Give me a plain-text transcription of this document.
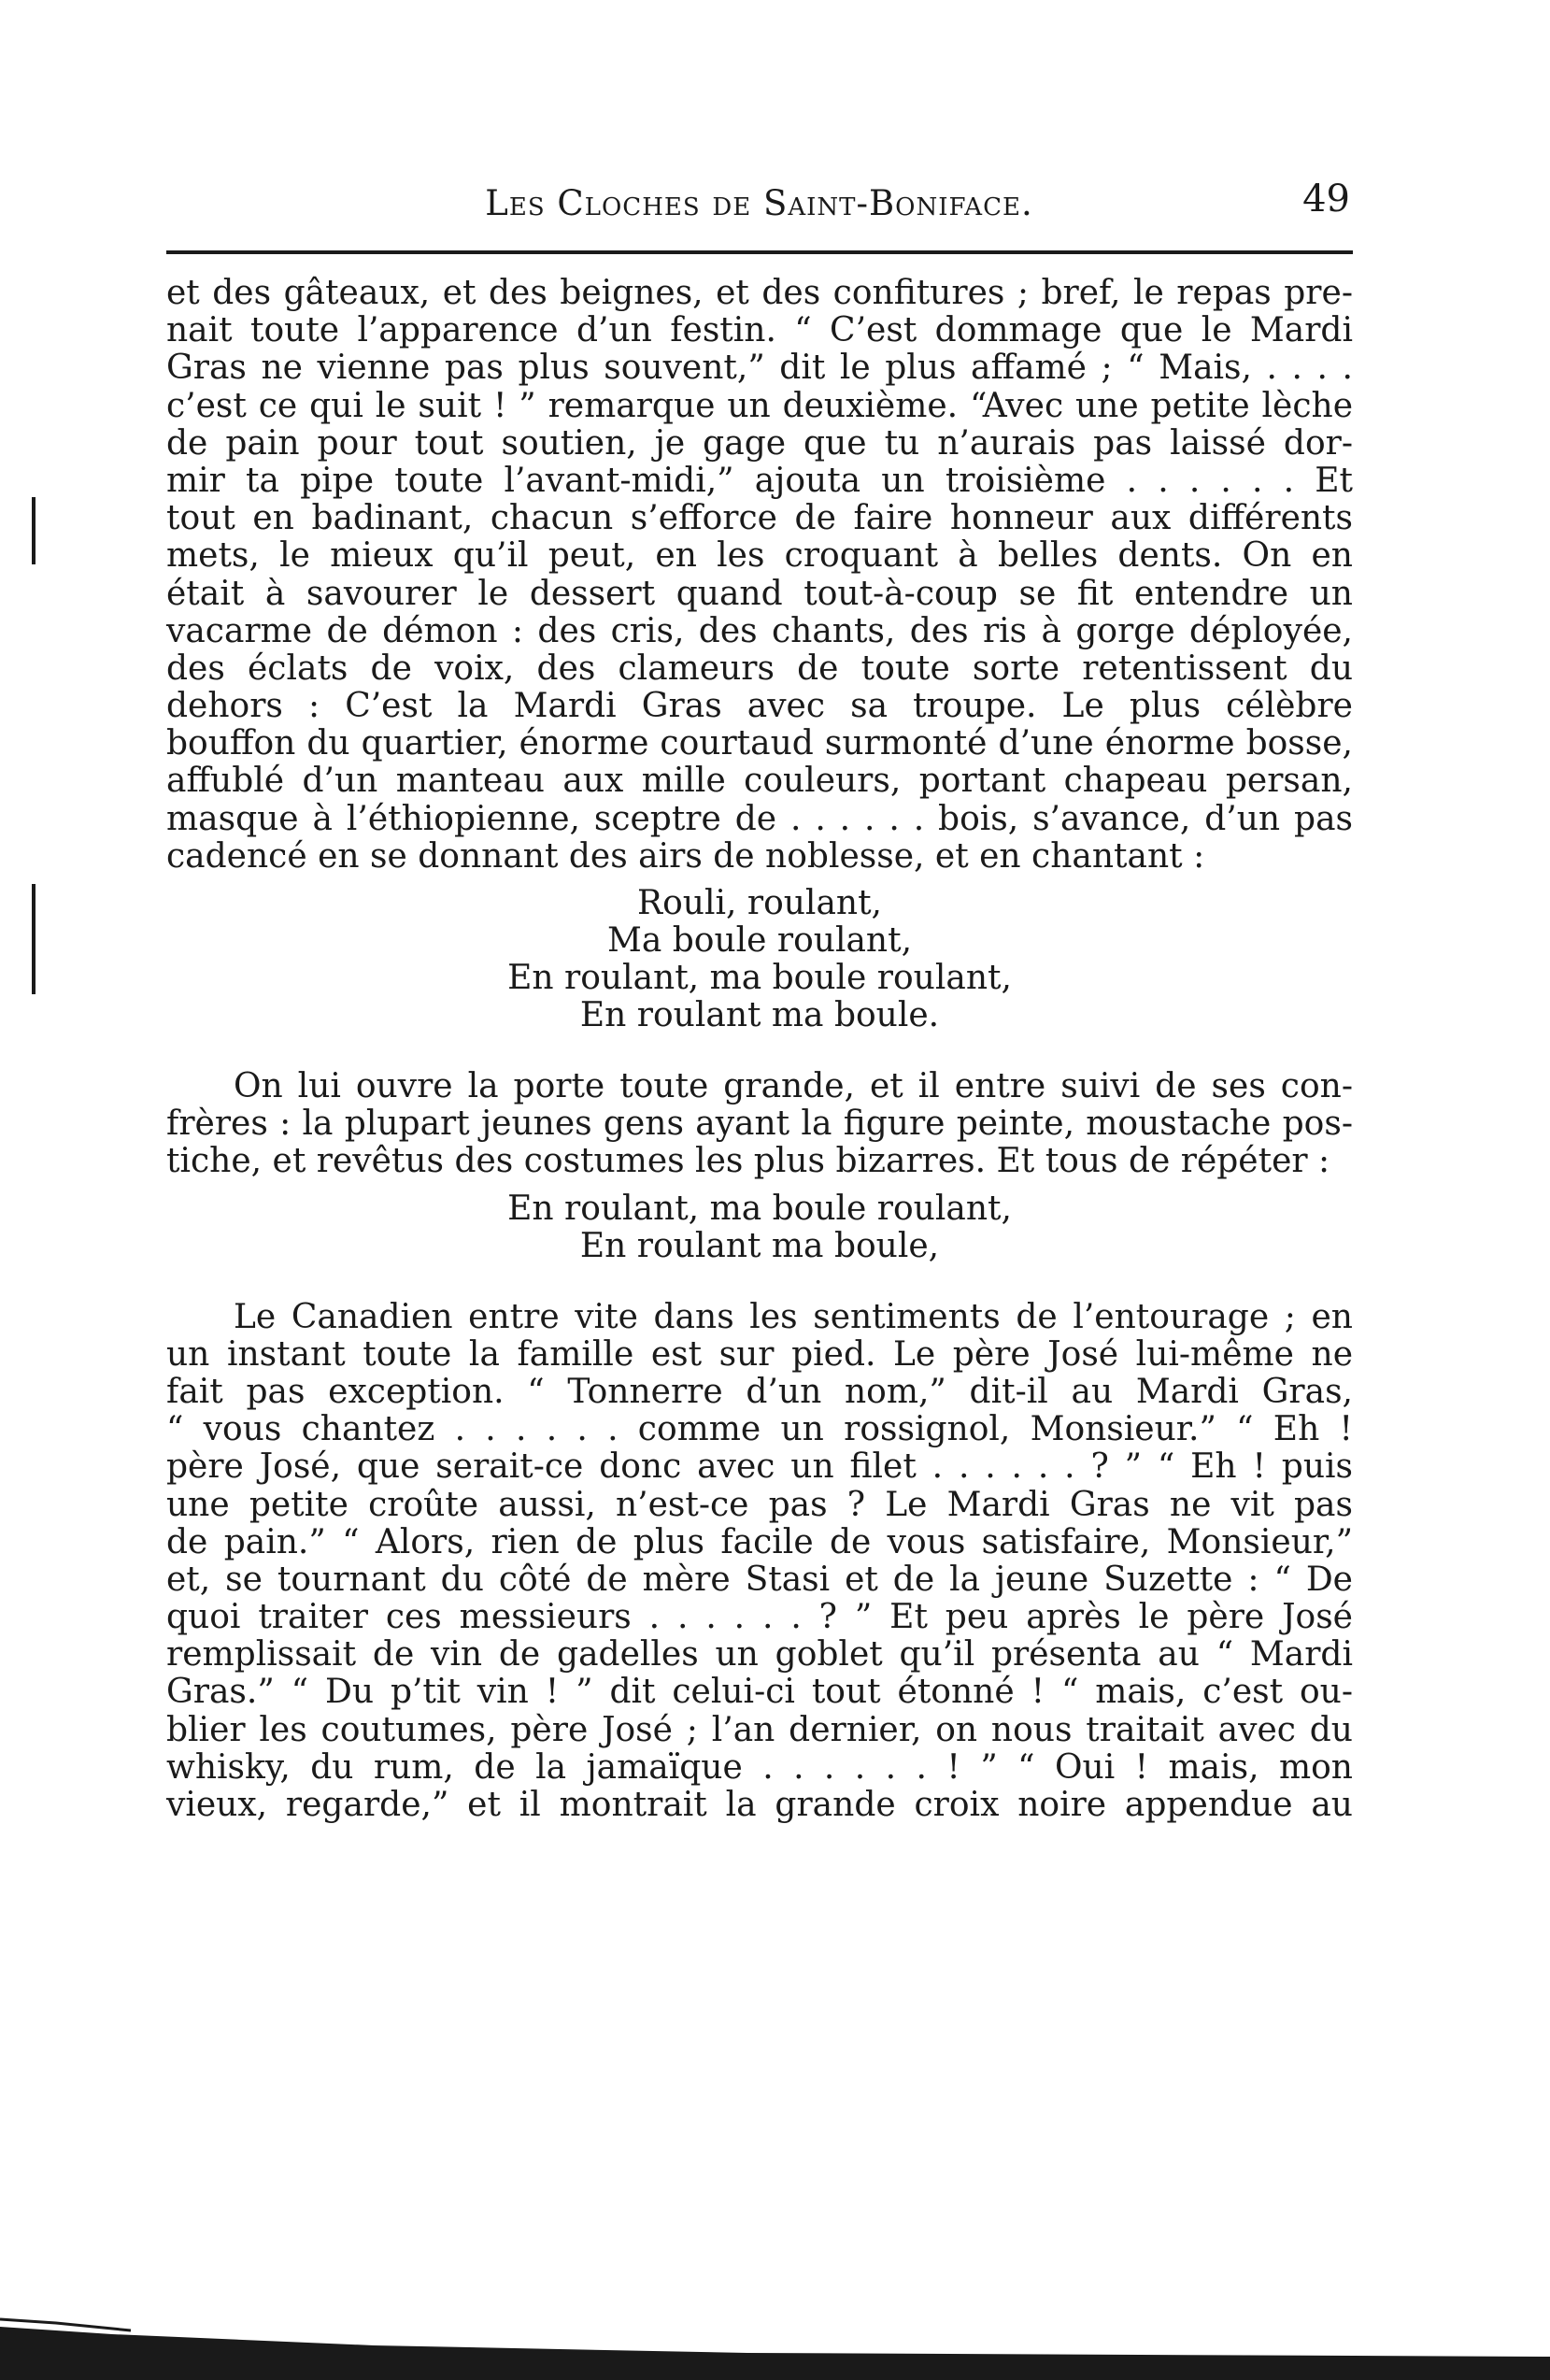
Les Cloches de Saint-Boniface.	49
et des gâteaux, et des beignes, et des confitures ; bref, le repas pre-
nait toute l’apparence d’un festin. “ C’est dommage que le Mardi
Gras ne vienne pas plus souvent,” dit le plus affamé ; “ Mais, . . . .
c’est ce qui le suit ! ” remarque un deuxième. “Avec une petite lèche
de pain pour tout soutien, je gage que tu n’aurais pas laissé dor-
mir ta pipe toute l’avant-midi,” ajouta un troisième . . . . . . Et
tout en badinant, chacun s’efforce de faire honneur aux différents
mets, le mieux qu’il peut, en les croquant à belles dents. On en
était à savourer le dessert quand tout-à-coup se fit entendre un
vacarme de démon : des cris, des chants, des ris à gorge déployée,
des éclats de voix, des clameurs de toute sorte retentissent du
dehors : C’est la Mardi Gras avec sa troupe. Le plus célèbre
bouffon du quartier, énorme courtaud surmonté d’une énorme bosse,
affublé d’un manteau aux mille couleurs, portant chapeau persan,
masque à l’éthiopienne, sceptre de . . . . . . bois, s’avance, d’un pas
cadencé en se donnant des airs de noblesse, et en chantant :
Rouli, roulant,
Ma boule roulant,
En roulant, ma boule roulant,
En roulant ma boule.
On lui ouvre la porte toute grande, et il entre suivi de ses con-
frères : la plupart jeunes gens ayant la figure peinte, moustache pos-
tiche, et revêtus des costumes les plus bizarres. Et tous de répéter :
En roulant, ma boule roulant,
En roulant ma boule,
Le Canadien entre vite dans les sentiments de l’entourage ; en
un instant toute la famille est sur pied. Le père José lui-même ne
fait pas exception. “ Tonnerre d’un nom,” dit-il au Mardi Gras,
“ vous chantez . . . . . . comme un rossignol, Monsieur.” “ Eh !
père José, que serait-ce donc avec un filet . . . . . . ? ” “ Eh ! puis
une petite croûte aussi, n’est-ce pas ? Le Mardi Gras ne vit pas
de pain.” “ Alors, rien de plus facile de vous satisfaire, Monsieur,”
et, se tournant du côté de mère Stasi et de la jeune Suzette : “ De
quoi traiter ces messieurs . . . . . . ? ” Et peu après le père José
remplissait de vin de gadelles un goblet qu’il présenta au “ Mardi
Gras.” “ Du p’tit vin ! ” dit celui-ci tout étonné ! “ mais, c’est ou-
blier les coutumes, père José ; l’an dernier, on nous traitait avec du
whisky, du rum, de la jamaïque . . . . . . ! ” “ Oui ! mais, mon
vieux, regarde,” et il montrait la grande croix noire appendue au
